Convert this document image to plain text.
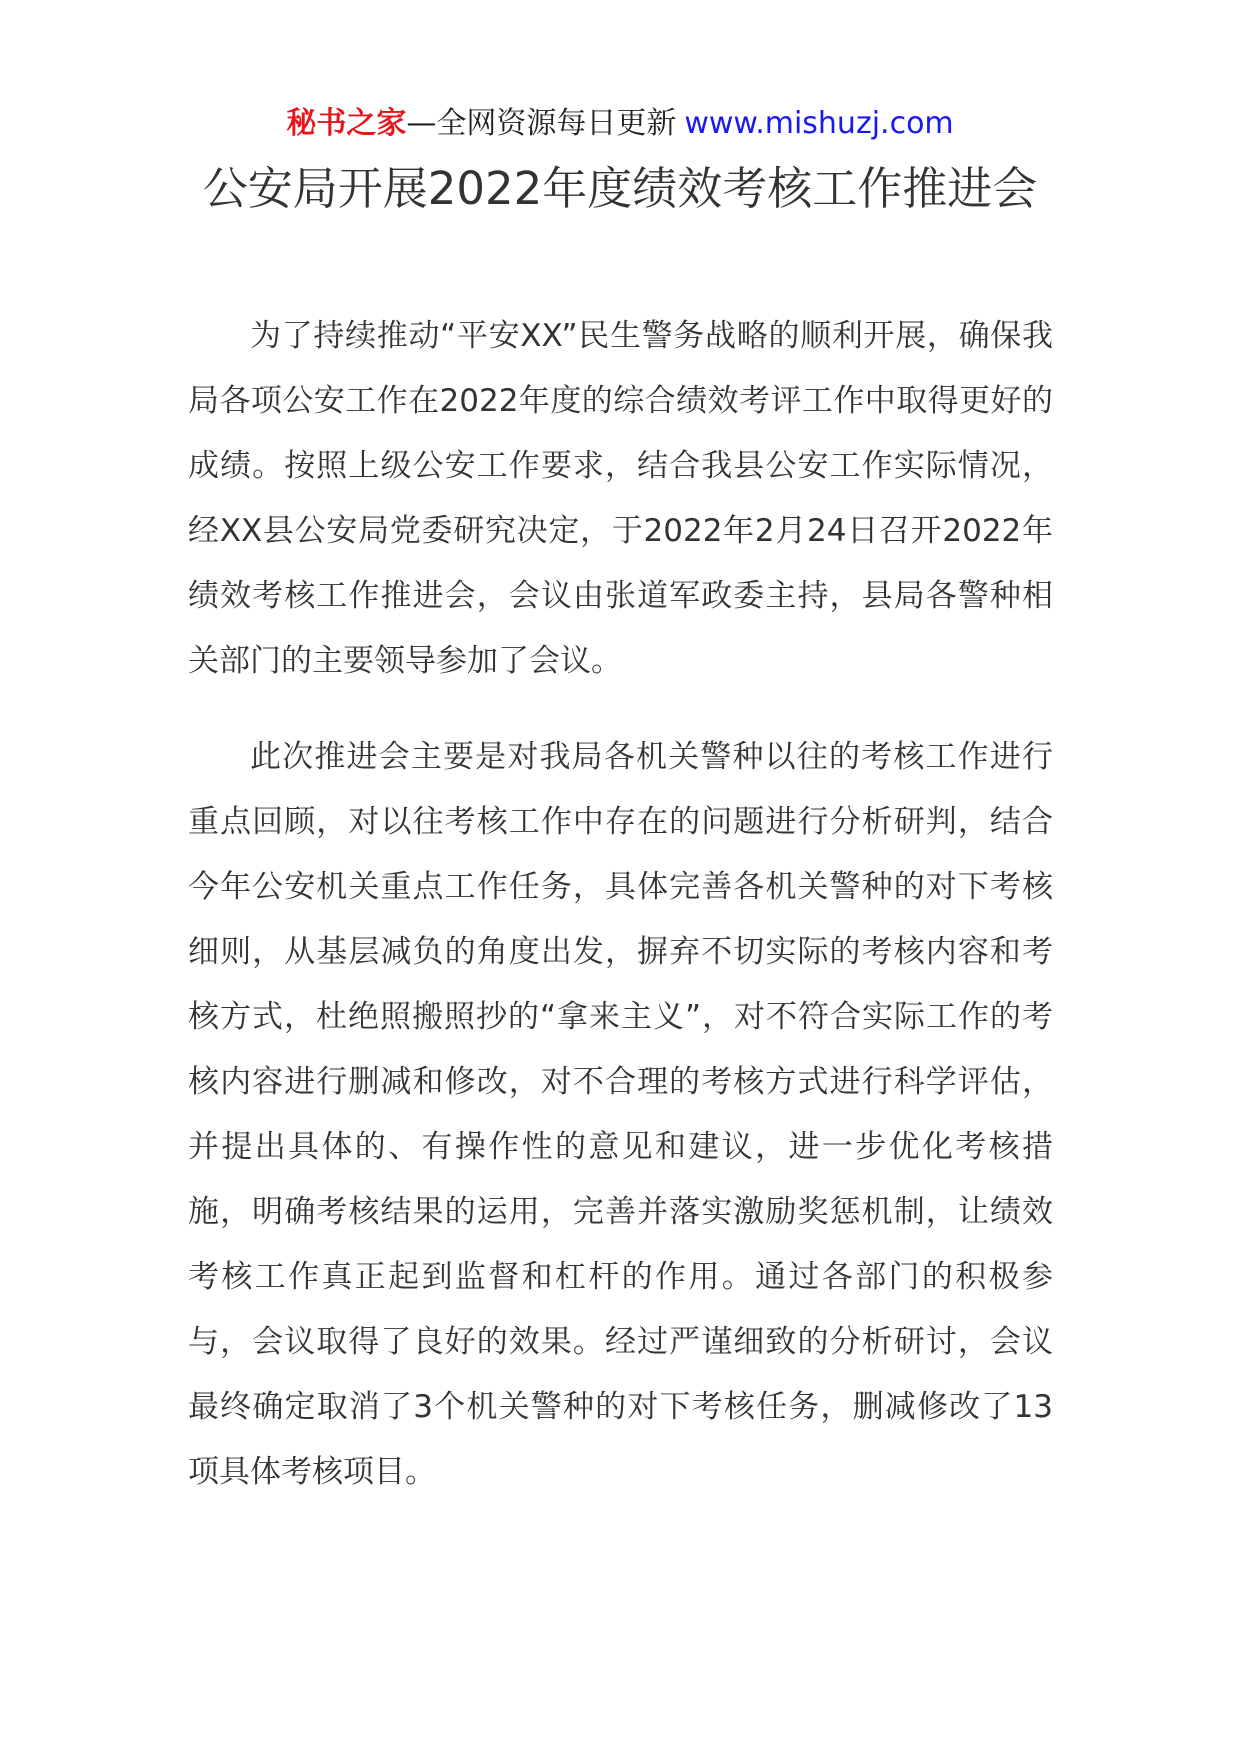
秘书之家—全网资源每日更新 www.mishuzj.com
公安局开展2022年度绩效考核工作推进会

为了持续推动“平安XX”民生警务战略的顺利开展，确保我局各项公安工作在2022年度的综合绩效考评工作中取得更好的成绩。按照上级公安工作要求，结合我县公安工作实际情况，经XX县公安局党委研究决定，于2022年2月24日召开2022年绩效考核工作推进会，会议由张道军政委主持，县局各警种相关部门的主要领导参加了会议。

此次推进会主要是对我局各机关警种以往的考核工作进行重点回顾，对以往考核工作中存在的问题进行分析研判，结合今年公安机关重点工作任务，具体完善各机关警种的对下考核细则，从基层减负的角度出发，摒弃不切实际的考核内容和考核方式，杜绝照搬照抄的“拿来主义”，对不符合实际工作的考核内容进行删减和修改，对不合理的考核方式进行科学评估，并提出具体的、有操作性的意见和建议，进一步优化考核措施，明确考核结果的运用，完善并落实激励奖惩机制，让绩效考核工作真正起到监督和杠杆的作用。通过各部门的积极参与，会议取得了良好的效果。经过严谨细致的分析研讨，会议最终确定取消了3个机关警种的对下考核任务，删减修改了13项具体考核项目。
